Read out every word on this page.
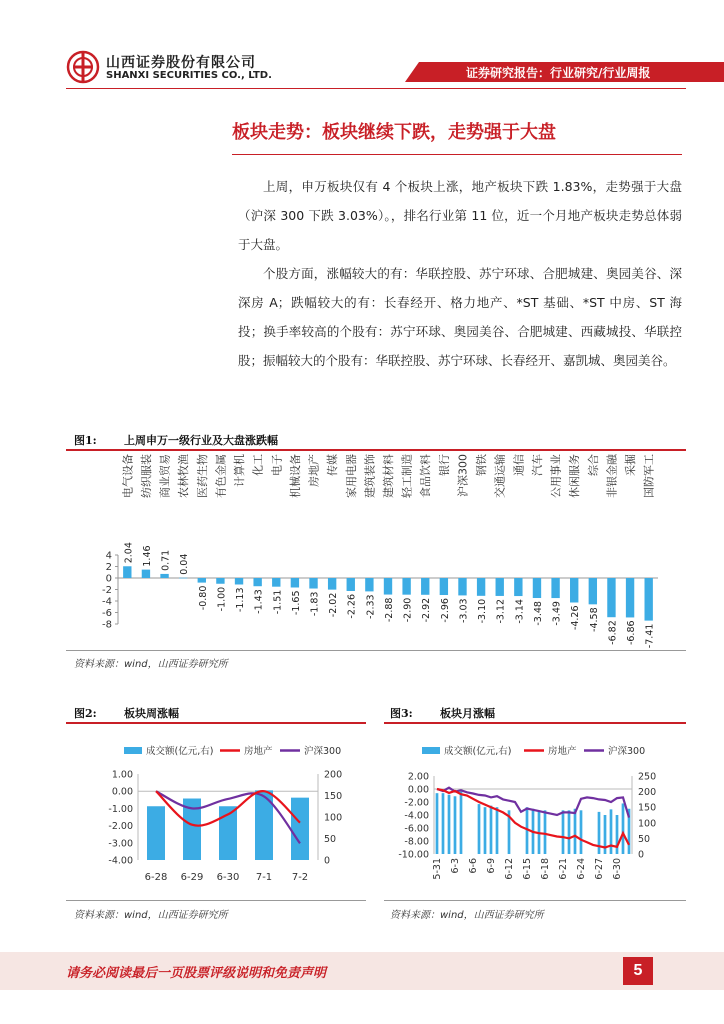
山西证券股份有限公司
SHANXI SECURITIES CO., LTD.	证券研究报告：行业研究/行业周报
板块走势：板块继续下跌，走势强于大盘

上周，申万板块仅有 4 个板块上涨，地产板块下跌 1.83%，走势强于大盘（沪深 300 下跌 3.03%）。，排名行业第 11 位，近一个月地产板块走势总体弱于大盘。

个股方面，涨幅较大的有：华联控股、苏宁环球、合肥城建、奥园美谷、深深房 A；跌幅较大的有：长春经开、格力地产、*ST 基础、*ST 中房、ST 海投；换手率较高的个股有：苏宁环球、奥园美谷、合肥城建、西藏城投、华联控股；振幅较大的个股有：华联控股、苏宁环球、长春经开、嘉凯城、奥园美谷。

图1: 上周申万一级行业及大盘涨跌幅
4
2
0
-2
-4
-6
-8
2.04
电气设备
1.46
纺织服装
0.71
商业贸易
0.04
农林牧渔
-0.80
医药生物
-1.00
有色金属
-1.13
计算机
-1.43
化工
-1.51
电子
-1.65
机械设备
-1.83
房地产
-2.02
传媒
-2.26
家用电器
-2.33
建筑装饰
-2.88
建筑材料
-2.90
轻工制造
-2.92
食品饮料
-2.96
银行
-3.03
沪深300
-3.10
钢铁
-3.12
交通运输
-3.14
通信
-3.48
汽车
-3.49
公用事业
-4.26
休闲服务
-4.58
综合
-6.82
非银金融
-6.86
采掘
-7.41
国防军工
资料来源：wind，山西证券研究所
图2: 板块周涨幅
成交额(亿元,右)	房地产	沪深300
1.00
0.00
-1.00
-2.00
-3.00
-4.00
200
150
100
50
0
6-28 6-29 6-30 7-1 7-2
资料来源：wind，山西证券研究所
图3: 板块月涨幅
成交额(亿元,右)	房地产	沪深300
2.00
0.00
-2.00
-4.00
-6.00
-8.00
-10.00
250
200
150
100
50
0
5-31 6-3 6-6 6-9 6-12 6-15 6-18 6-21 6-24 6-27 6-30
资料来源：wind，山西证券研究所
请务必阅读最后一页股票评级说明和免责声明	5
